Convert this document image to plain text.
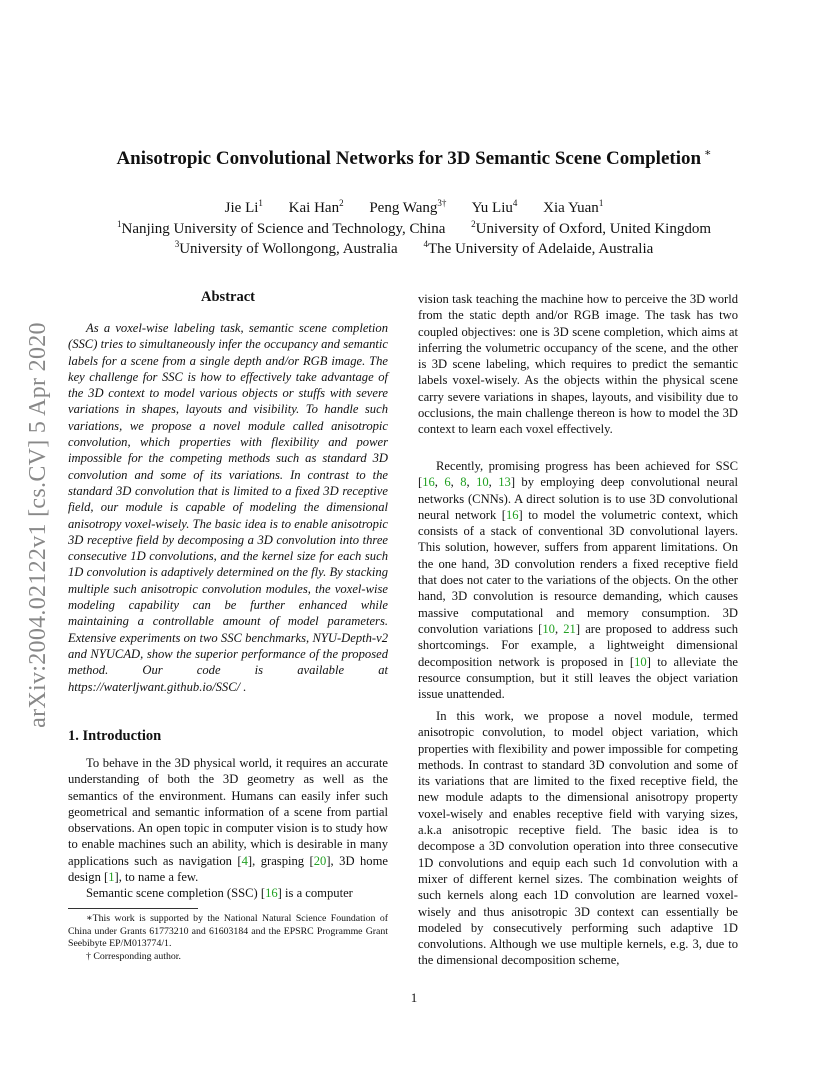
arXiv:2004.02122v1 [cs.CV] 5 Apr 2020
Anisotropic Convolutional Networks for 3D Semantic Scene Completion ∗
Jie Li$^1$ Kai Han$^2$ Peng Wang$^{3\dagger}$ Yu Liu$^4$ Xia Yuan$^1$
$^1$Nanjing University of Science and Technology, China	$^2$University of Oxford, United Kingdom
$^3$University of Wollongong, Australia	$^4$The University of Adelaide, Australia
Abstract

As a voxel-wise labeling task, semantic scene completion (SSC) tries to simultaneously infer the occupancy and semantic labels for a scene from a single depth and/or RGB image. The key challenge for SSC is how to effectively take advantage of the 3D context to model various objects or stuffs with severe variations in shapes, layouts and visibility. To handle such variations, we propose a novel module called anisotropic convolution, which properties with flexibility and power impossible for the competing methods such as standard 3D convolution and some of its variations. In contrast to the standard 3D convolution that is limited to a fixed 3D receptive field, our module is capable of modeling the dimensional anisotropy voxel-wisely. The basic idea is to enable anisotropic 3D receptive field by decomposing a 3D convolution into three consecutive 1D convolutions, and the kernel size for each such 1D convolution is adaptively determined on the fly. By stacking multiple such anisotropic convolution modules, the voxel-wise modeling capability can be further enhanced while maintaining a controllable amount of model parameters. Extensive experiments on two SSC benchmarks, NYU-Depth-v2 and NYUCAD, show the superior performance of the proposed method. Our code is available at https://waterljwant.github.io/SSC/ .

1. Introduction

To behave in the 3D physical world, it requires an accurate understanding of both the 3D geometry as well as the semantics of the environment. Humans can easily infer such geometrical and semantic information of a scene from partial observations. An open topic in computer vision is to study how to enable machines such an ability, which is desirable in many applications such as navigation [4], grasping [20], 3D home design [1], to name a few.

Semantic scene completion (SSC) [16] is a computer

∗This work is supported by the National Natural Science Foundation of China under Grants 61773210 and 61603184 and the EPSRC Programme Grant Seebibyte EP/M013774/1.

† Corresponding author.

vision task teaching the machine how to perceive the 3D world from the static depth and/or RGB image. The task has two coupled objectives: one is 3D scene completion, which aims at inferring the volumetric occupancy of the scene, and the other is 3D scene labeling, which requires to predict the semantic labels voxel-wisely. As the objects within the physical scene carry severe variations in shapes, layouts, and visibility due to occlusions, the main challenge thereon is how to model the 3D context to learn each voxel effectively.

Recently, promising progress has been achieved for SSC [16, 6, 8, 10, 13] by employing deep convolutional neural networks (CNNs). A direct solution is to use 3D convolutional neural network [16] to model the volumetric context, which consists of a stack of conventional 3D convolutional layers. This solution, however, suffers from apparent limitations. On the one hand, 3D convolution renders a fixed receptive field that does not cater to the variations of the objects. On the other hand, 3D convolution is resource demanding, which causes massive computational and memory consumption. 3D convolution variations [10, 21] are proposed to address such shortcomings. For example, a lightweight dimensional decomposition network is proposed in [10] to alleviate the resource consumption, but it still leaves the object variation issue unattended.

In this work, we propose a novel module, termed anisotropic convolution, to model object variation, which properties with flexibility and power impossible for competing methods. In contrast to standard 3D convolution and some of its variations that are limited to the fixed receptive field, the new module adapts to the dimensional anisotropy property voxel-wisely and enables receptive field with varying sizes, a.k.a anisotropic receptive field. The basic idea is to decompose a 3D convolution operation into three consecutive 1D convolutions and equip each such 1d convolution with a mixer of different kernel sizes. The combination weights of such kernels along each 1D convolution are learned voxel-wisely and thus anisotropic 3D context can essentially be modeled by consecutively performing such adaptive 1D convolutions. Although we use multiple kernels, e.g. 3, due to the dimensional decomposition scheme,

1
